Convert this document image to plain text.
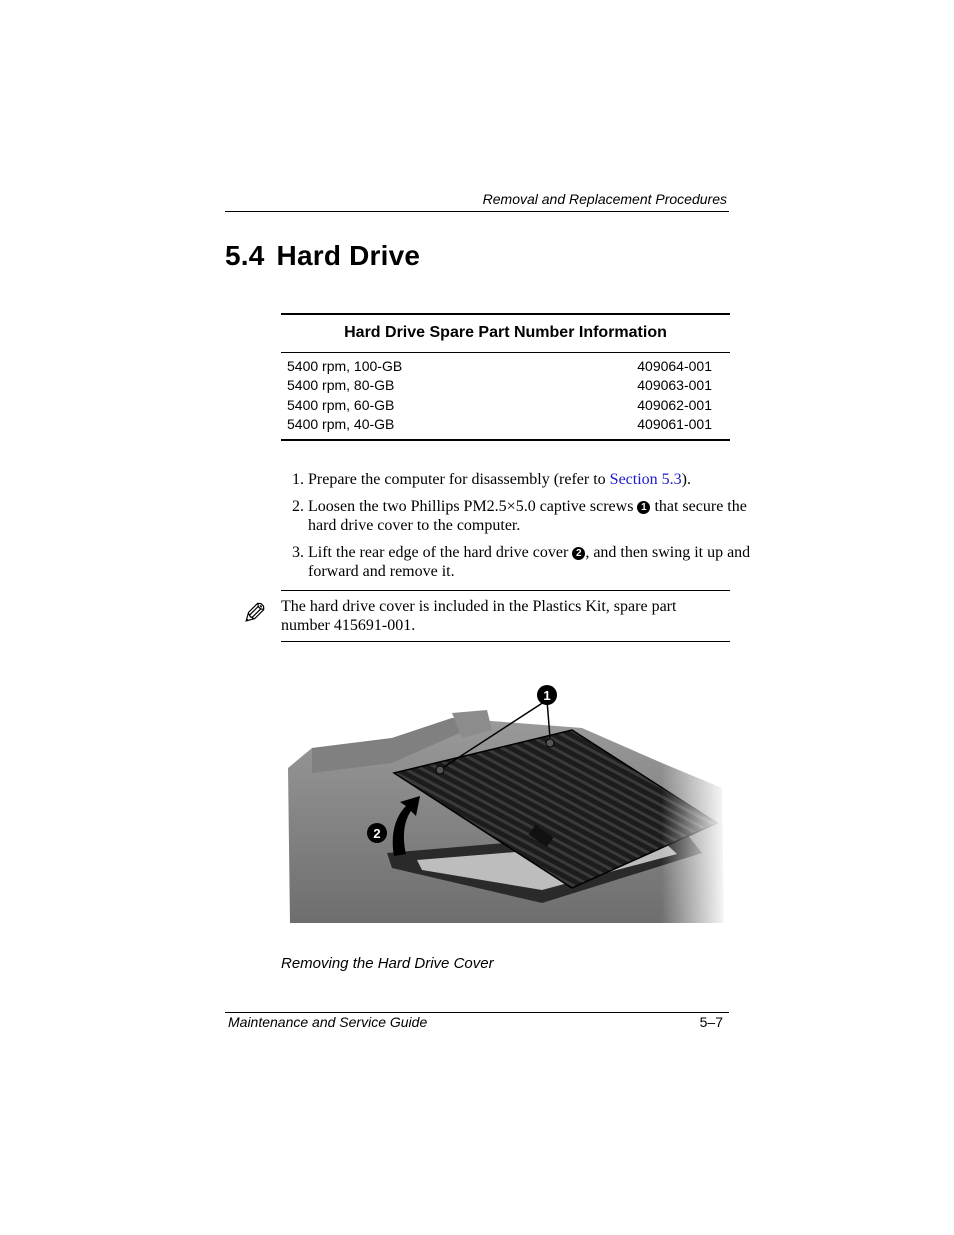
Removal and Replacement Procedures
5.4 Hard Drive
Hard Drive Spare Part Number Information	
5400 rpm, 100-GB	409064-001
5400 rpm, 80-GB	409063-001
5400 rpm, 60-GB	409062-001
5400 rpm, 40-GB	409061-001
1. Prepare the computer for disassembly (refer to Section 5.3).
2. Loosen the two Phillips PM2.5×5.0 captive screws 1 that secure the hard drive cover to the computer.
3. Lift the rear edge of the hard drive cover 2 , and then swing it up and forward and remove it.
✎ The hard drive cover is included in the Plastics Kit, spare part number 415691-001.
Removing the Hard Drive Cover
Maintenance and Service Guide	5–7
